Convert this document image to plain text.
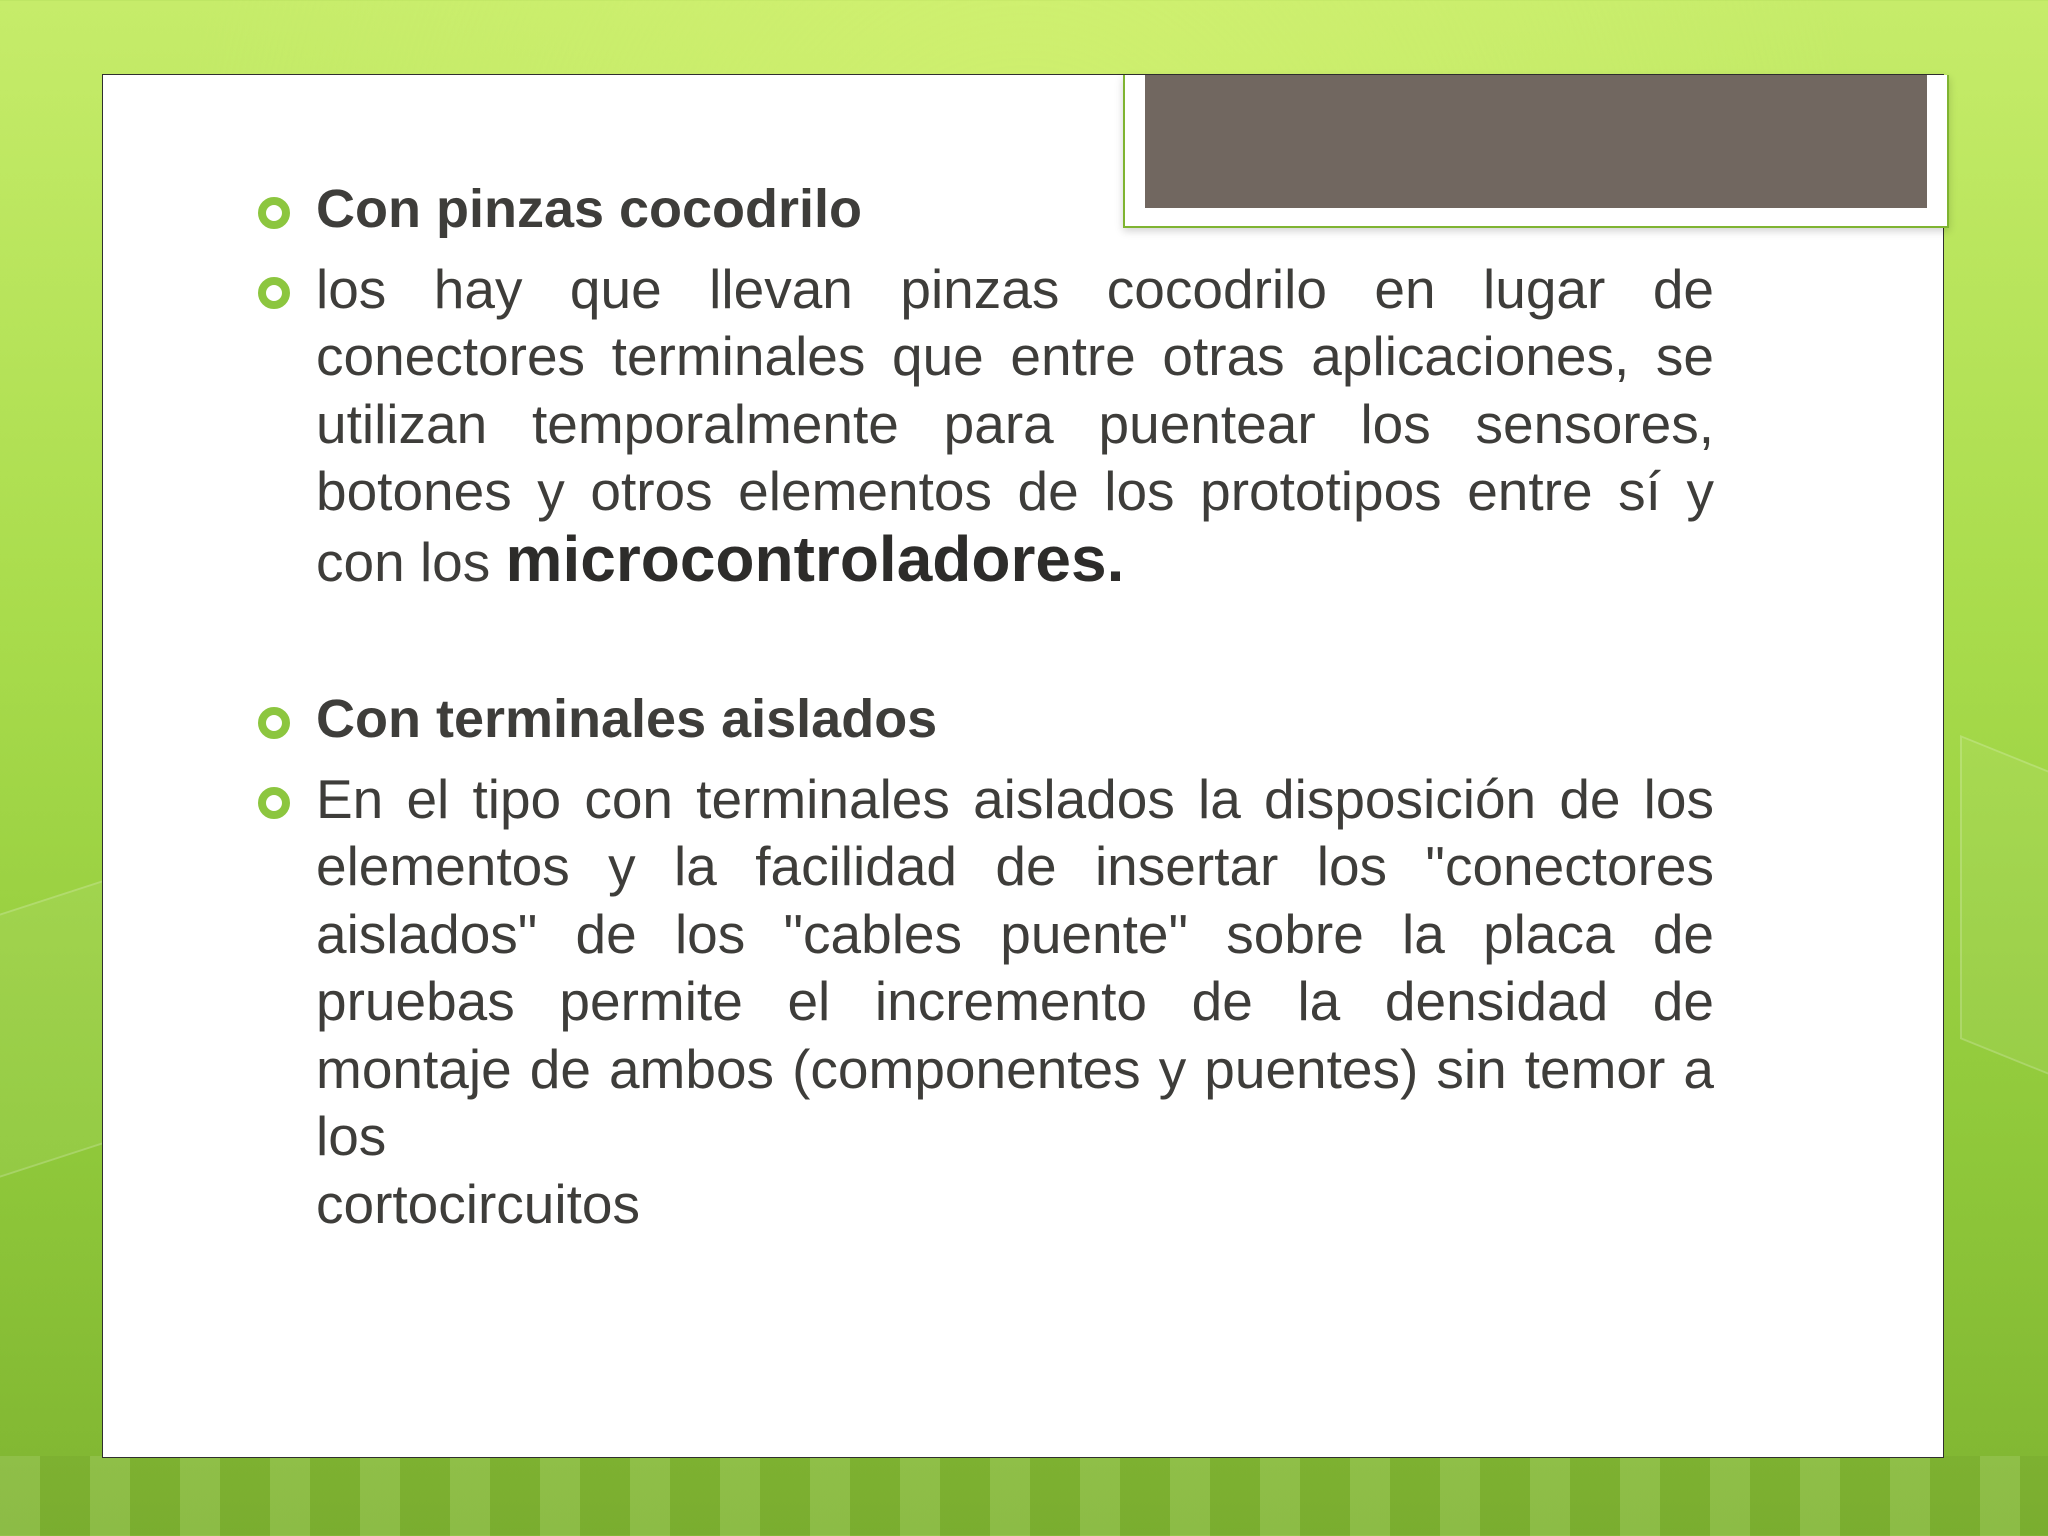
Con pinzas cocodrilo
los hay que llevan pinzas cocodrilo en lugar de conectores terminales que entre otras aplicaciones, se utilizan temporalmente para puentear los sensores, botones y otros elementos de los prototipos entre sí y con los microcontroladores.
Con terminales aislados
En el tipo con terminales aislados la disposición de los elementos y la facilidad de insertar los "conectores aislados" de los "cables puente" sobre la placa de pruebas permite el incremento de la densidad de montaje de ambos (componentes y puentes) sin temor a los
cortocircuitos
